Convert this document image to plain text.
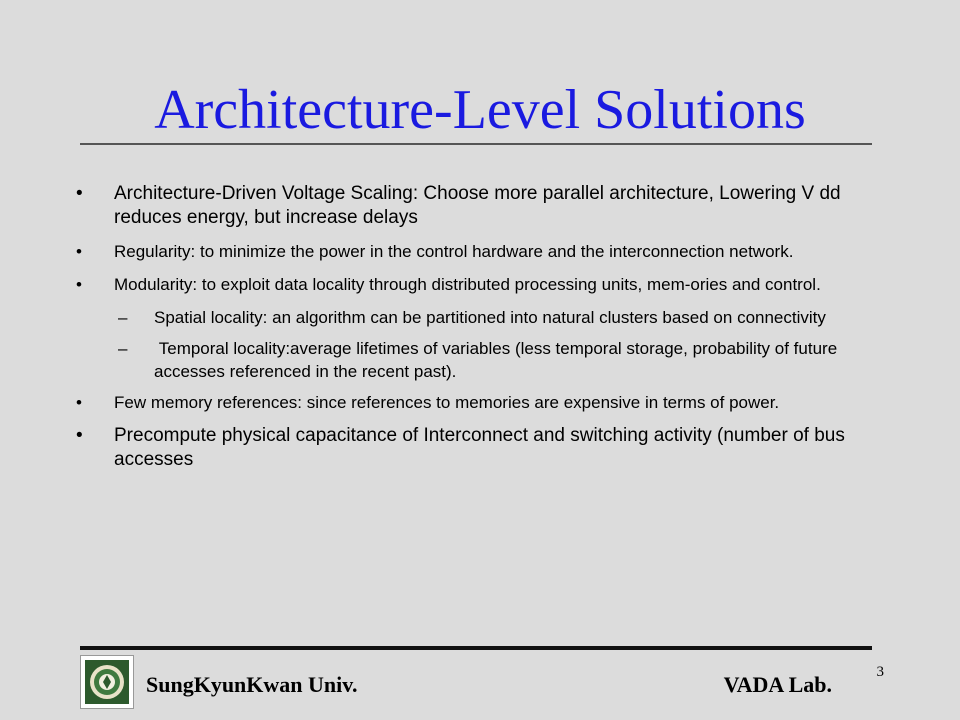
Architecture-Level Solutions
• Architecture-Driven Voltage Scaling: Choose more parallel architecture, Lowering V dd reduces energy, but increase delays
• Regularity: to minimize the power in the control hardware and the interconnection network.
• Modularity: to exploit data locality through distributed processing units, mem-ories and control.
– Spatial locality: an algorithm can be partitioned into natural clusters based on connectivity
– Temporal locality:average lifetimes of variables (less temporal storage, probability of future accesses referenced in the recent past).
• Few memory references: since references to memories are expensive in terms of power.
• Precompute physical capacitance of Interconnect and switching activity (number of bus accesses
SungKyunKwan Univ.	VADA Lab.	3
